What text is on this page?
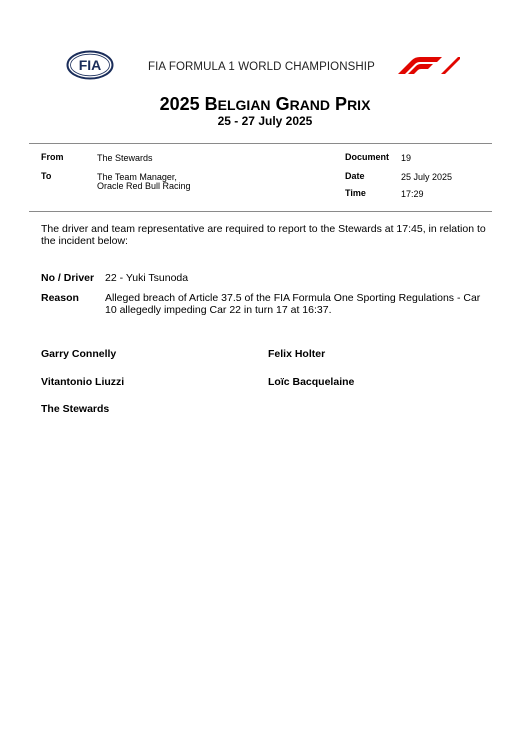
FIA	FIA FORMULA 1 WORLD CHAMPIONSHIP
2025 BELGIAN GRAND PRIX
25 - 27 July 2025
From	The Stewards
To	The Team Manager,
Oracle Red Bull Racing
Document 19
Date	25 July 2025
Time	17:29
The driver and team representative are required to report to the Stewards at 17:45, in relation to the incident below:
No / Driver 22 - Yuki Tsunoda
Reason Alleged breach of Article 37.5 of the FIA Formula One Sporting Regulations - Car 10 allegedly impeding Car 22 in turn 17 at 16:37.
Garry Connelly	Felix Holter
Vitantonio Liuzzi	Loïc Bacquelaine
The Stewards
